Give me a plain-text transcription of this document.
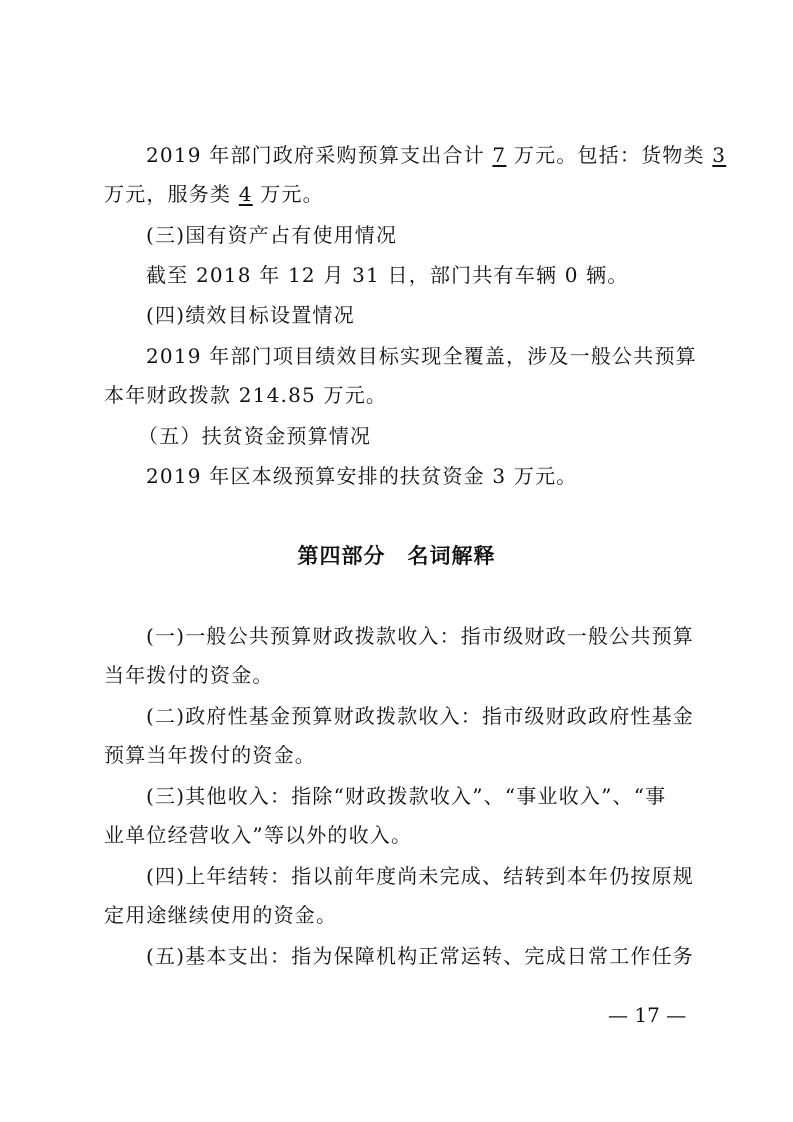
2019 年部门政府采购预算支出合计 7 万元。包括：货物类 3
万元，服务类 4 万元。
(三)国有资产占有使用情况
截至 2018 年 12 月 31 日，部门共有车辆 0 辆。
(四)绩效目标设置情况
2019 年部门项目绩效目标实现全覆盖，涉及一般公共预算
本年财政拨款 214.85 万元。
（五）扶贫资金预算情况
2019 年区本级预算安排的扶贫资金 3 万元。
第四部分　名词解释
(一)一般公共预算财政拨款收入：指市级财政一般公共预算
当年拨付的资金。
(二)政府性基金预算财政拨款收入：指市级财政政府性基金
预算当年拨付的资金。
(三)其他收入：指除“财政拨款收入”、“事业收入”、“事
业单位经营收入”等以外的收入。
(四)上年结转：指以前年度尚未完成、结转到本年仍按原规
定用途继续使用的资金。
(五)基本支出：指为保障机构正常运转、完成日常工作任务
— 17 —
